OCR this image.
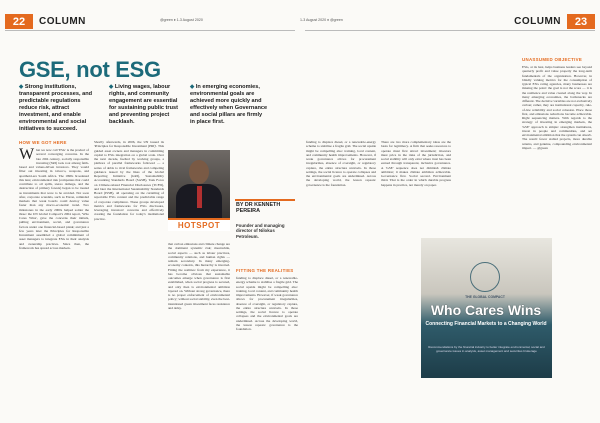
22	COLUMN	@green ♦ 1-3 August 2020	1-3 August 2020 ♦ @green	COLUMN	23
GSE, not ESG
◆ Strong institutions, transparent processes, and predictable regulations reduce risk, attract investment, and enable environmental and social initiatives to succeed.
◆ Living wages, labour rights, and community engagement are essential for sustaining public trust and preventing project backlash.
◆ In emerging economies, environmental goals are achieved more quickly and effectively when Governance and social pillars are firmly in place first.
HOW WE GOT HERE
What we now call 'ESG' is the product of several converging concerns. In the late 20th century, socially responsible investing (SRI) took root among faith-based and values-driven investors. They would filter out investing in tobacco, weapons, and apartheid-era South Africa. The 1990s broadened this lens; environmental risk (companies that could contribute to oil spills, stereo damage, and the destruction of primary forests) began to be treated as investments that were to be avoided. Not soon after, corporate scandals, such as Enron, reminded markets that weak boards could destroy value faster than any macro-economic trend. Two milestones in the early 2000s helped solder the three: the UN Global Compact's 2004 report, 'Who Cares Wins', gave the concerns their initials, pulling environment, social, and governance factors under one financial-based plank; and just a few years later the Principles for Responsible Investment assembled a global commitment of asset managers to integrate ESG in their analysis and ownership practices. Since then, the framework has spread across markets.
Shortly afterwards, in 2006, the UN issued its 'Principles for Responsible Investment (PRI)'. This guided asset owners and managers in committing capital to ESG integration on a global scale. Over the next decade, fuelled by working groups, a plethora of parallel frameworks followed — a series of debts to rival frameworks and competing guidance issued by the likes of the Global Reporting Initiative (GRI), Sustainability Accounting Standards Board (SASB), Task Force on Climate-related Financial Disclosures (TCFD), and later the International Sustainability Standards Board (ISSB), all operating on the curtailing of reportable ESG content and the predictable range of corporate compliance. These groups developed metrics and frameworks for ESG disclosure, leveraging investors' concerns and effectively creating the foundation for today's institutional practice.
HOTSPOT
BY DR KENNETH
PEREIRA
Founder and managing director of Nilokus Petroleum.
that carbon emissions and climate change are the dominant systemic risk; meanwhile, social aspects — such as labour practices, community relations, and human rights — remain secondary. In many emerging-economy contexts, this hierarchy is inverted. Fitting the realities: from my experience, it has become obvious that sustainable outcomes emerge when governance is first established, when social progress is secured, and only then is environmental ambition layered on. Without strong governance, there is no proper enforcement of environmental policy; without social stability, even the best-intentioned green investment faces resistance and delay.
FITTING THE REALITIES
funding to displace diesel, or a renewable-energy scheme to stabilise a fragile grid. The social upside might be compelling also: training, local content, and community health improvements. However, if weak governance allows for procurement irregularities, absence of oversight, or regulatory capture, the entire structure unravels. In those settings, the social licence to operate collapses and the environmental goals are undermined. Across the developing world, the lesson repeats: governance is the foundation.
funding to displace diesel, or a renewable-energy scheme to stabilise a fragile grid. The social upside might be compelling also: training, local content, and community health improvements. However, if weak governance allows for procurement irregularities, absence of oversight, or regulatory capture, the entire structure unravels. In those settings, the social licence to operate collapses and the environmental goals are undermined. Across the developing world, the lesson repeats: governance is the foundation.
There are two more complementary ideas are the basis for legitimacy. A firm that seeks resources to operate must first attract investment; investors must price in the risks of the jurisdiction, and social stability will only exist where trust has been earned through transparent, inclusive governance. A 'GSE' sequence does not diminish climate ambition; it makes climate ambition achievable. Governance first. Social second. Environment third. That is the order in which durable progress happens in practice, not merely on paper.
THE GLOBAL COMPACT
Who Cares Wins
Connecting Financial Markets to a Changing World
Recommendations by the financial industry to better integrate environmental, social and governance issues in analysis, asset management and securities brokerage
UNASSUMED OBJECTIVE
ESG, at its best, helps business leaders see beyond quarterly profit and value properly the long-term fundamentals of the organisation. However, in blindly valuing metrics for the consumption of typical ESG rating agencies, many businesses are missing the point: the goal is not the score — it is the resilience and value created along the way. In many emerging economies, the bottlenecks are different. The decisive variables are not exclusively carbon; rather, they are institutional capacity, rule-of-law reliability and social cohesion. Place those first, and emissions reductions become achievable. Right sequencing matters. With regards to the strategy of investing in emerging markets, the 'GSE' approach is simple: strengthen institutions, invest in people and communities, and set environmental ambition that the system can absorb. The result: fewer stalled projects, more durable returns, and genuine, compounding environmental impact. — @green
